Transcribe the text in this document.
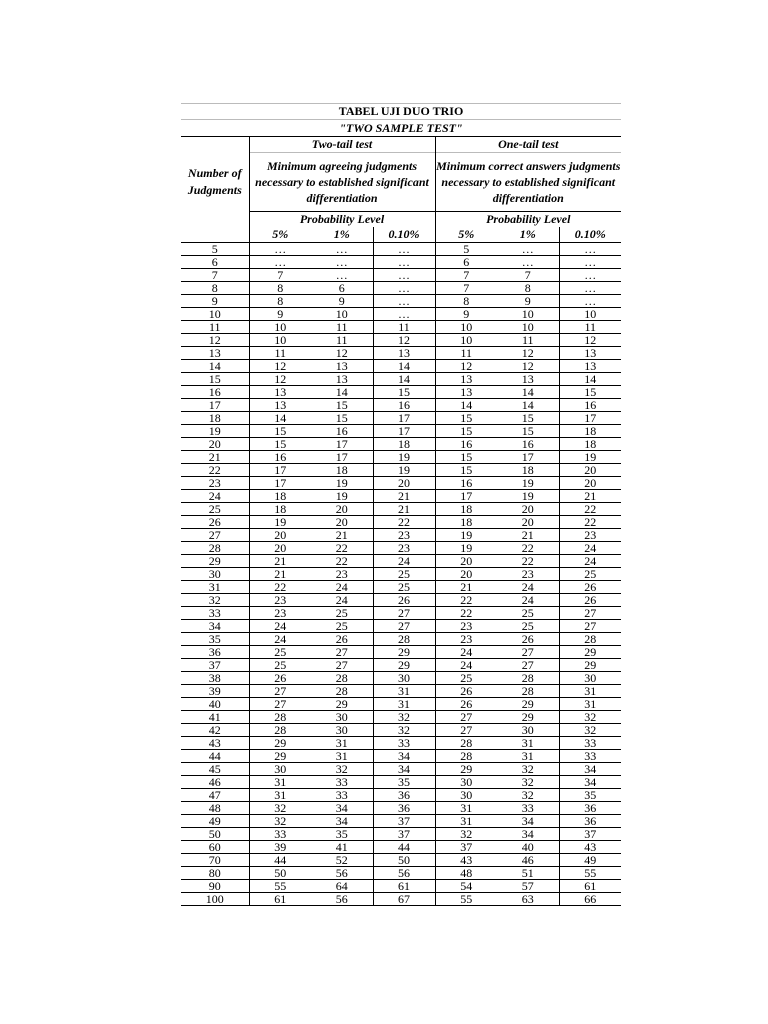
TABEL UJI DUO TRIO						
"TWO SAMPLE TEST"						
Number of Judgments	Two-tail test			One-tail test		
	Minimum agreeing judgments necessary to established significant differentiation			Minimum correct answers judgments necessary to established significant differentiation		
	Probability Level			Probability Level		
	5%	1%	0.10%	5%	1%	0.10%
5	…	…	…	5	…	…
6	…	…	…	6	…	…
7	7	…	…	7	7	…
8	8	6	…	7	8	…
9	8	9	…	8	9	…
10	9	10	…	9	10	10
11	10	11	11	10	10	11
12	10	11	12	10	11	12
13	11	12	13	11	12	13
14	12	13	14	12	12	13
15	12	13	14	13	13	14
16	13	14	15	13	14	15
17	13	15	16	14	14	16
18	14	15	17	15	15	17
19	15	16	17	15	15	18
20	15	17	18	16	16	18
21	16	17	19	15	17	19
22	17	18	19	15	18	20
23	17	19	20	16	19	20
24	18	19	21	17	19	21
25	18	20	21	18	20	22
26	19	20	22	18	20	22
27	20	21	23	19	21	23
28	20	22	23	19	22	24
29	21	22	24	20	22	24
30	21	23	25	20	23	25
31	22	24	25	21	24	26
32	23	24	26	22	24	26
33	23	25	27	22	25	27
34	24	25	27	23	25	27
35	24	26	28	23	26	28
36	25	27	29	24	27	29
37	25	27	29	24	27	29
38	26	28	30	25	28	30
39	27	28	31	26	28	31
40	27	29	31	26	29	31
41	28	30	32	27	29	32
42	28	30	32	27	30	32
43	29	31	33	28	31	33
44	29	31	34	28	31	33
45	30	32	34	29	32	34
46	31	33	35	30	32	34
47	31	33	36	30	32	35
48	32	34	36	31	33	36
49	32	34	37	31	34	36
50	33	35	37	32	34	37
60	39	41	44	37	40	43
70	44	52	50	43	46	49
80	50	56	56	48	51	55
90	55	64	61	54	57	61
100	61	56	67	55	63	66
